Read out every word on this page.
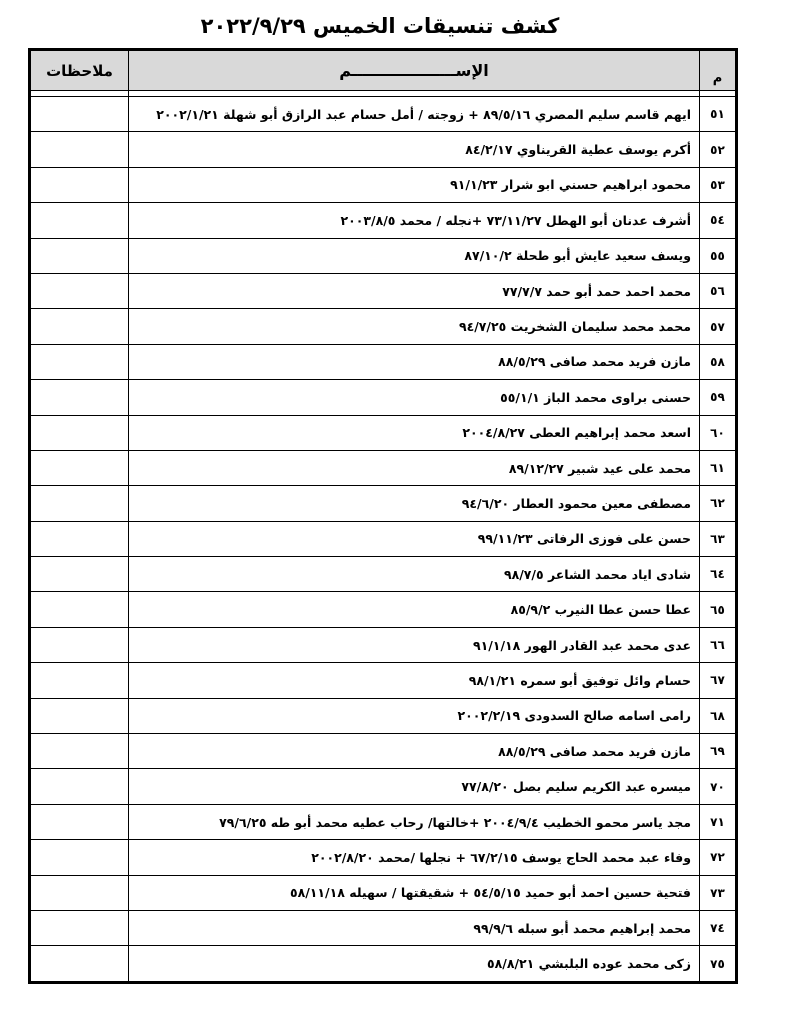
كشف تنسيقات الخميس ٢٠٢٢/٩/٢٩
م	الإســـــــــــــــــــم	ملاحظات

٥١	ايهم قاسم سليم المصري ٨٩/٥/١٦ + زوجته / أمل حسام عبد الرازق أبو شهلة ٢٠٠٢/١/٢١	
٥٢	أكرم يوسف عطية القريناوي ٨٤/٢/١٧	
٥٣	محمود ابراهيم حسني ابو شرار ٩١/١/٢٣	
٥٤	أشرف عدنان أبو الهطل ٧٣/١١/٢٧ +نجله / محمد ٢٠٠٣/٨/٥	
٥٥	ويسف سعيد عايش أبو طحلة ٨٧/١٠/٢	
٥٦	محمد احمد حمد أبو حمد ٧٧/٧/٧	
٥٧	محمد محمد سليمان الشخريت ٩٤/٧/٢٥	
٥٨	مازن فريد محمد صافى ٨٨/٥/٢٩	
٥٩	حسنى براوى محمد الباز ٥٥/١/١	
٦٠	اسعد محمد إبراهيم العطى ٢٠٠٤/٨/٢٧	
٦١	محمد على عيد شبير ٨٩/١٢/٢٧	
٦٢	مصطفى معين محمود العطار ٩٤/٦/٢٠	
٦٣	حسن على فوزى الرفاتى ٩٩/١١/٢٣	
٦٤	شادى اياد محمد الشاعر ٩٨/٧/٥	
٦٥	عطا حسن عطا النيرب ٨٥/٩/٢	
٦٦	عدى محمد عبد القادر الهور ٩١/١/١٨	
٦٧	حسام وائل توفيق أبو سمره ٩٨/١/٢١	
٦٨	رامى اسامه صالح السدودى ٢٠٠٢/٢/١٩	
٦٩	مازن فريد محمد صافى ٨٨/٥/٢٩	
٧٠	ميسره عبد الكريم سليم بصل ٧٧/٨/٢٠	
٧١	مجد ياسر محمو الخطيب ٢٠٠٤/٩/٤ +خالتها/ رحاب عطيه محمد أبو طه ٧٩/٦/٢٥	
٧٢	وفاء عبد محمد الحاج يوسف ٦٧/٢/١٥ + نجلها /محمد ٢٠٠٢/٨/٢٠	
٧٣	فتحية حسين احمد أبو حميد ٥٤/٥/١٥ + شقيقتها / سهيله ٥٨/١١/١٨	
٧٤	محمد إبراهيم محمد أبو سبله ٩٩/٩/٦	
٧٥	زكى محمد عوده البلبشي ٥٨/٨/٢١	
